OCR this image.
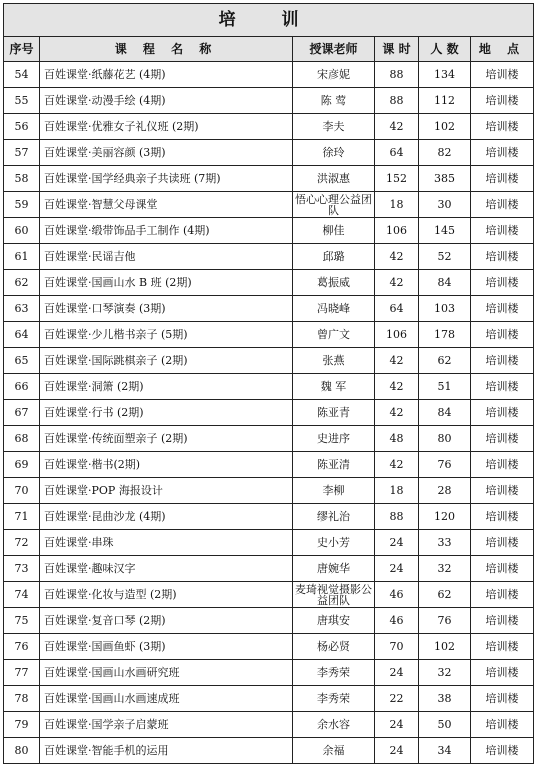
培 训					
序号	课 程 名 称	授课老师	课 时	人 数	地 点
54	百姓课堂·纸藤花艺 (4期)	宋彦妮	88	134	培训楼
55	百姓课堂·动漫手绘 (4期)	陈 莺	88	112	培训楼
56	百姓课堂·优雅女子礼仪班 (2期)	李夫	42	102	培训楼
57	百姓课堂·美丽容颜 (3期)	徐玲	64	82	培训楼
58	百姓课堂·国学经典亲子共读班 (7期)	洪淑惠	152	385	培训楼
59	百姓课堂·智慧父母课堂	悟心心理公益团队	18	30	培训楼
60	百姓课堂·缎带饰品手工制作 (4期)	柳佳	106	145	培训楼
61	百姓课堂·民谣吉他	邱璐	42	52	培训楼
62	百姓课堂·国画山水 B 班 (2期)	葛振威	42	84	培训楼
63	百姓课堂·口琴演奏 (3期)	冯晓峰	64	103	培训楼
64	百姓课堂·少儿楷书亲子 (5期)	曾广文	106	178	培训楼
65	百姓课堂·国际跳棋亲子 (2期)	张燕	42	62	培训楼
66	百姓课堂·洞箫 (2期)	魏 军	42	51	培训楼
67	百姓课堂·行书 (2期)	陈亚青	42	84	培训楼
68	百姓课堂·传统面塑亲子 (2期)	史进序	48	80	培训楼
69	百姓课堂·楷书(2期)	陈亚清	42	76	培训楼
70	百姓课堂·POP 海报设计	李柳	18	28	培训楼
71	百姓课堂·昆曲沙龙 (4期)	缪礼治	88	120	培训楼
72	百姓课堂·串珠	史小芳	24	33	培训楼
73	百姓课堂·趣味汉字	唐婉华	24	32	培训楼
74	百姓课堂·化妆与造型 (2期)	麦琦视觉摄影公益团队	46	62	培训楼
75	百姓课堂·复音口琴 (2期)	唐琪安	46	76	培训楼
76	百姓课堂·国画鱼虾 (3期)	杨必贤	70	102	培训楼
77	百姓课堂·国画山水画研究班	李秀荣	24	32	培训楼
78	百姓课堂·国画山水画速成班	李秀荣	22	38	培训楼
79	百姓课堂·国学亲子启蒙班	余水容	24	50	培训楼
80	百姓课堂·智能手机的运用	余福	24	34	培训楼
